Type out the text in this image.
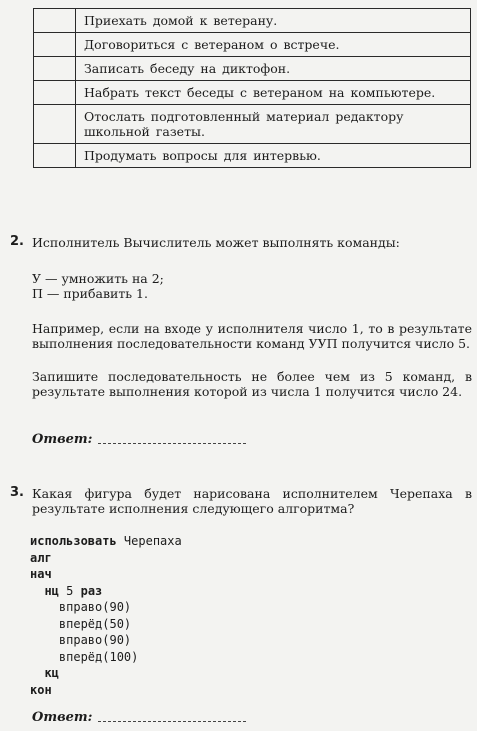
	Приехать домой к ветерану.
	Договориться с ветераном о встрече.
	Записать беседу на диктофон.
	Набрать текст беседы с ветераном на компьютере.
	Отослать подготовленный материал редактору школьной газеты.
	Продумать вопросы для интервью.
2. Исполнитель Вычислитель может выполнять команды:

У — умножить на 2;
П — прибавить 1.

Например, если на входе у исполнителя число 1, то в результате выполнения последовательности команд УУП получится число 5.

Запишите последовательность не более чем из 5 команд, в результате выполнения которой из числа 1 получится число 24.

Ответ:
3. Какая фигура будет нарисована исполнителем Черепаха в результате исполнения следующего алгоритма?

использовать Черепаха
алг
нач
нц 5 раз
вправо(90)
вперёд(50)
вправо(90)
вперёд(100)
кц
кон
Ответ:
